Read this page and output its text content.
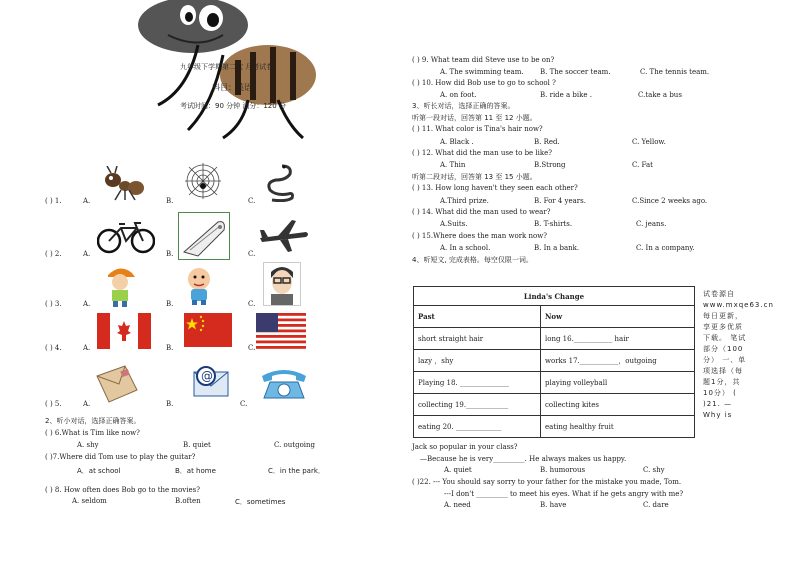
九年级下学期第二次 月考试卷
科目：英语
考试时间：90 分钟 满分：120 分
( ) 1.	A.	B.	C.
( ) 2.	A.	B.	C.
( ) 3.	A.	B.	C.
( ) 4.	A.	B.	C.
( ) 5.	A.	B.	C.
@
2、听小对话，选择正确答案。
( ) 6.What is Tim like now?
A. shy	B. quiet	C. outgoing
( )7.Where did Tom use to play the guitar?
A．at school	B．at home	C．in the park．
( ) 8. How often does Bob go to the movies?
A. seldom	B.often	C．sometimes
( ) 9. What team did Steve use to be on?
A. The swimming team. B. The soccer team.	C. The tennis team.
( ) 10. How did Bob use to go to school ?
A. on foot.	B. ride a bike .	C.take a bus
3、听长对话，选择正确的答案。
听第一段对话，回答第 11 至 12 小题。
( ) 11. What color is Tina's hair now?
A. Black .	B. Red.	C. Yellow.
( ) 12. What did the man use to be like?
A. Thin	B.Strong	C. Fat
听第二段对话，回答第 13 至 15 小题。
( ) 13. How long haven't they seen each other?
A.Third prize.	B. For 4 years.	C.Since 2 weeks ago.
( ) 14. What did the man used to wear?
A.Suits.	B. T-shirts.	C. jeans.
( ) 15.Where does the man work now?
A. In a school.	B. In a bank.	C. In a company.
4、听短文, 完成表格。每空仅限一词。
Linda's Change	
Past	Now
short straight hair	long 16.___________ hair
lazy ，shy	works 17.___________，outgoing
Playing 18. ______________	playing volleyball
collecting 19.____________	collecting kites
eating 20. _____________	eating healthy fruit
试卷源自www.mxqe63.cn 每日更新，享更多优质下载。 笔试部分（100分） 一、单项选择（每题1分，共10分） ( )21. —Why is
Jack so popular in your class?
—Because he is very_________. He always makes us happy.
A. quiet	B. humorous	C. shy
( )22. --- You should say sorry to your father for the mistake you made, Tom.
---I don't _________ to meet his eyes. What if he gets angry with me?
A. need	B. have	C. dare
